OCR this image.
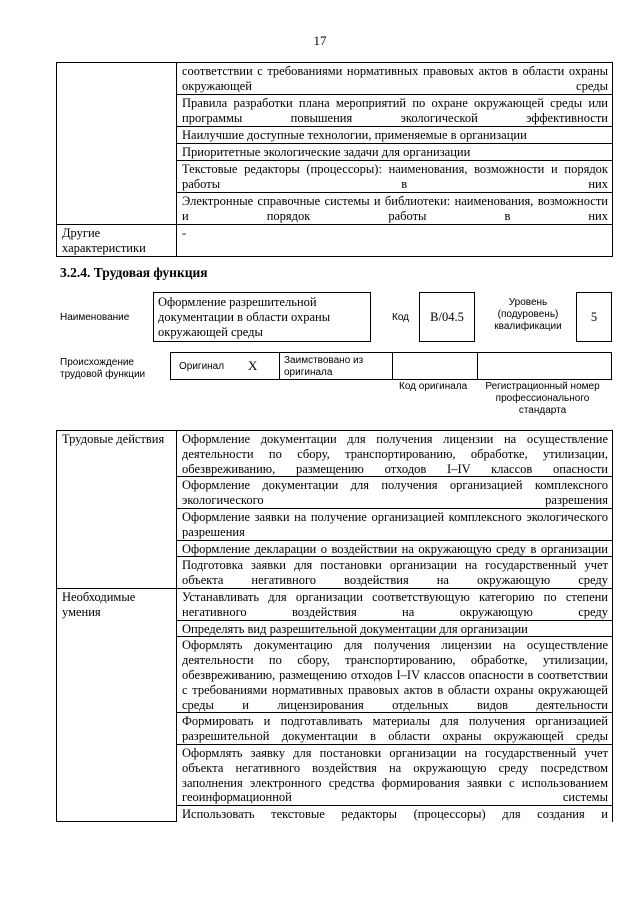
17
	соответствии с требованиями нормативных правовых актов в области охраны окружающей среды
	Правила разработки плана мероприятий по охране окружающей среды или программы повышения экологической эффективности
	Наилучшие доступные технологии, применяемые в организации
	Приоритетные экологические задачи для организации
	Текстовые редакторы (процессоры): наименования, возможности и порядок работы в них
	Электронные справочные системы и библиотеки: наименования, возможности и порядок работы в них
Другие характеристики	-
3.2.4. Трудовая функция
Наименование
Оформление разрешительной документации в области охраны окружающей среды
Код	В/04.5
Уровень (подуровень) квалификации
5
Происхождение трудовой функции
Оригинал X	Заимствовано из оригинала
Код оригинала Регистрационный номер профессионального стандарта
Трудовые действия	Оформление документации для получения лицензии на осуществление деятельности по сбору, транспортированию, обработке, утилизации, обезвреживанию, размещению отходов I–IV классов опасности
	Оформление документации для получения организацией комплексного экологического разрешения
	Оформление заявки на получение организацией комплексного экологического разрешения
	Оформление декларации о воздействии на окружающую среду в организации
	Подготовка заявки для постановки организации на государственный учет объекта негативного воздействия на окружающую среду
Необходимые умения	Устанавливать для организации соответствующую категорию по степени негативного воздействия на окружающую среду
	Определять вид разрешительной документации для организации
	Оформлять документацию для получения лицензии на осуществление деятельности по сбору, транспортированию, обработке, утилизации, обезвреживанию, размещению отходов I–IV классов опасности в соответствии с требованиями нормативных правовых актов в области охраны окружающей среды и лицензирования отдельных видов деятельности
	Формировать и подготавливать материалы для получения организацией разрешительной документации в области охраны окружающей среды
	Оформлять заявку для постановки организации на государственный учет объекта негативного воздействия на окружающую среду посредством заполнения электронного средства формирования заявки с использованием геоинформационной системы
	Использовать текстовые редакторы (процессоры) для создания и
